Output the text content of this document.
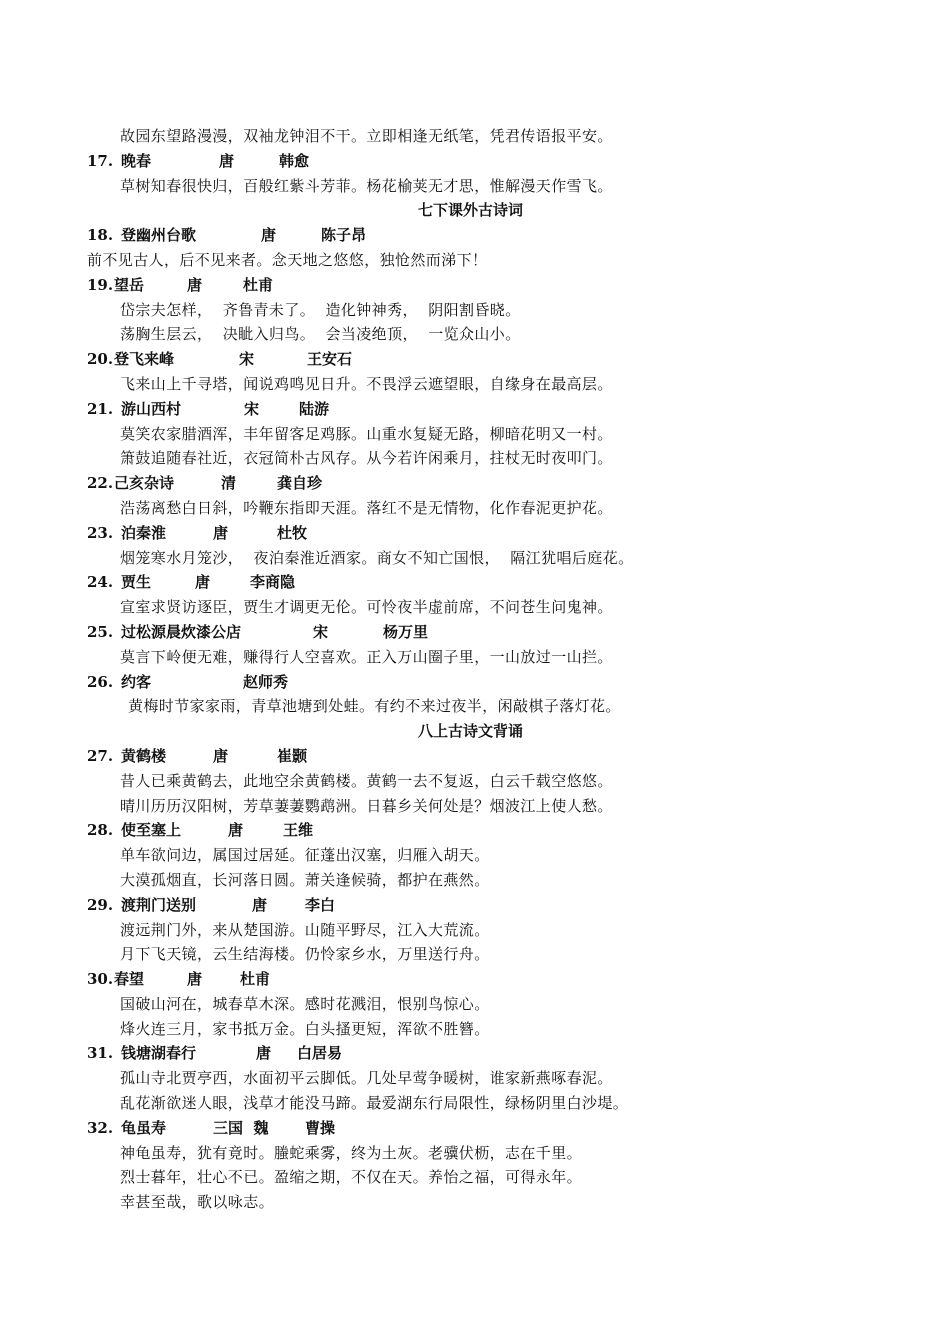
故园东望路漫漫，双袖龙钟泪不干。立即相逢无纸笔，凭君传语报平安。
17. 晚春	唐	韩愈
草树知春很快归，百般红紫斗芳菲。杨花榆荚无才思，惟解漫天作雪飞。
七下课外古诗词
18. 登幽州台歌	唐	陈子昂
前不见古人，后不见来者。念天地之悠悠，独怆然而涕下！
19. 望岳	唐	杜甫
岱宗夫怎样，  齐鲁青未了。  造化钟神秀，  阴阳割昏晓。
荡胸生层云，  决眦入归鸟。  会当凌绝顶，  一览众山小。
20. 登飞来峰	宋	王安石
飞来山上千寻塔，闻说鸡鸣见日升。不畏浮云遮望眼，自缘身在最高层。
21. 游山西村	宋	陆游
莫笑农家腊酒浑，丰年留客足鸡豚。山重水复疑无路，柳暗花明又一村。
箫鼓追随春社近，衣冠简朴古风存。从今若许闲乘月，拄杖无时夜叩门。
22. 己亥杂诗	清	龚自珍
浩荡离愁白日斜，吟鞭东指即天涯。落红不是无情物，化作春泥更护花。
23. 泊秦淮	唐	杜牧
烟笼寒水月笼沙，  夜泊秦淮近酒家。商女不知亡国恨，  隔江犹唱后庭花。
24. 贾生	唐	李商隐
宣室求贤访逐臣，贾生才调更无伦。可怜夜半虚前席，不问苍生问鬼神。
25. 过松源晨炊漆公店	宋	杨万里
莫言下岭便无难，赚得行人空喜欢。正入万山圈子里，一山放过一山拦。
26. 约客	赵师秀
黄梅时节家家雨，青草池塘到处蛙。有约不来过夜半，闲敲棋子落灯花。
八上古诗文背诵
27. 黄鹤楼	唐	崔颢
昔人已乘黄鹤去，此地空余黄鹤楼。黄鹤一去不复返，白云千载空悠悠。
晴川历历汉阳树，芳草萋萋鹦鹉洲。日暮乡关何处是？烟波江上使人愁。
28. 使至塞上	唐	王维
单车欲问边，属国过居延。征蓬出汉塞，归雁入胡天。
大漠孤烟直，长河落日圆。萧关逢候骑，都护在燕然。
29. 渡荆门送别	唐	李白
渡远荆门外，来从楚国游。山随平野尽，江入大荒流。
月下飞天镜，云生结海楼。仍怜家乡水，万里送行舟。
30. 春望	唐	杜甫
国破山河在，城春草木深。感时花溅泪，恨别鸟惊心。
烽火连三月，家书抵万金。白头搔更短，浑欲不胜簪。
31. 钱塘湖春行	唐 白居易
孤山寺北贾亭西，水面初平云脚低。几处早莺争暖树，谁家新燕啄春泥。
乱花渐欲迷人眼，浅草才能没马蹄。最爱湖东行局限性，绿杨阴里白沙堤。
32. 龟虽寿	三国  魏 曹操
神龟虽寿，犹有竟时。螣蛇乘雾，终为土灰。老骥伏枥，志在千里。
烈士暮年，壮心不已。盈缩之期，不仅在天。养怡之福，可得永年。
幸甚至哉，歌以咏志。
